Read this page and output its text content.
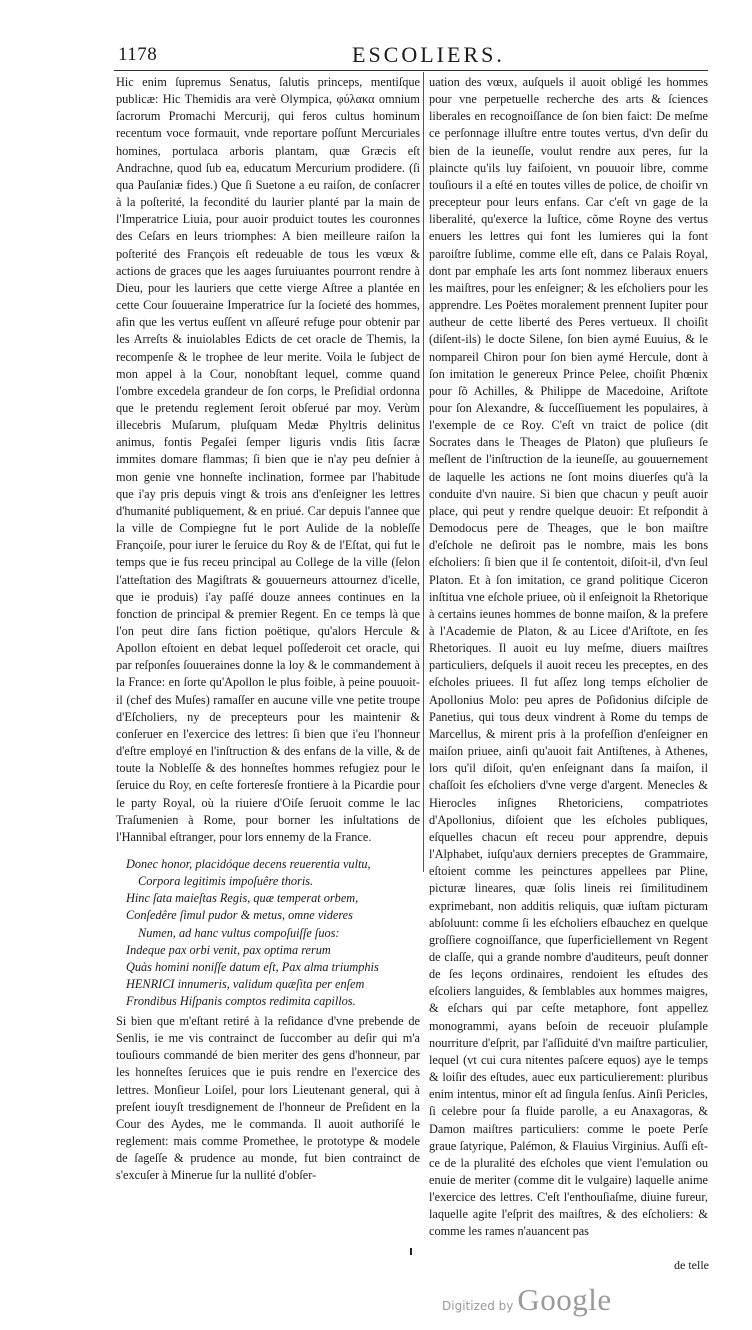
1178	ESCOLIERS.

Hic enim ſupremus Senatus, ſalutis princeps, mentiſque publicæ: Hic Themidis ara verè Olympica, φύλακα omnium ſacrorum Promachi Mercurij, qui feros cultus hominum recentum voce formauit, vnde reportare poſſunt Mercuriales homines, portulaca arboris plantam, quæ Græcis eſt Andrachne, quod ſub ea, educatum Mercurium prodidere. (ſi qua Pauſaniæ fides.) Que ſi Suetone a eu raiſon, de conſacrer à la poſterité, la fecondité du laurier planté par la main de l'Imperatrice Liuia, pour auoir produict toutes les couronnes des Ceſars en leurs triomphes: A bien meilleure raiſon la poſterité des François eſt redeuable de tous les vœux & actions de graces que les aages ſuruiuantes pourront rendre à Dieu, pour les lauriers que cette vierge Aſtree a plantée en cette Cour ſouueraine Imperatrice ſur la ſocieté des hommes, afin que les vertus euſſent vn aſſeuré refuge pour obtenir par les Arreſts & inuiolables Edicts de cet oracle de Themis, la recompenſe & le trophee de leur merite. Voila le ſubject de mon appel à la Cour, nonobſtant lequel, comme quand l'ombre excedela grandeur de ſon corps, le Preſidial ordonna que le pretendu reglement ſeroit obſerué par moy. Verùm illecebris Muſarum, pluſquam Medæ Phyltris delinitus animus, fontis Pegaſei ſemper liguris vndis ſitis ſacræ immites domare flammas; ſi bien que ie n'ay peu deſnier à mon genie vne honneſte inclination, formee par l'habitude que i'ay pris depuis vingt & trois ans d'enſeigner les lettres d'humanité publiquement, & en priué. Car depuis l'annee que la ville de Compiegne fut le port Aulide de la nobleſſe Françoiſe, pour iurer le ſeruice du Roy & de l'Eſtat, qui fut le temps que ie fus receu principal au College de la ville (ſelon l'atteſtation des Magiſtrats & gouuerneurs attournez d'icelle, que ie produis) i'ay paſſé douze annees continues en la fonction de principal & premier Regent. En ce temps là que l'on peut dire ſans fiction poëtique, qu'alors Hercule & Apollon eſtoient en debat lequel poſſederoit cet oracle, qui par reſponſes ſouueraines donne la loy & le commandement à la France: en ſorte qu'Apollon le plus foible, à peine pouuoit-il (chef des Muſes) ramaſſer en aucune ville vne petite troupe d'Eſcholiers, ny de precepteurs pour les maintenir & conſeruer en l'exercice des lettres: ſi bien que i'eu l'honneur d'eſtre employé en l'inſtruction & des enfans de la ville, & de toute la Nobleſſe & des honneſtes hommes refugiez pour le ſeruice du Roy, en ceſte forteresſe frontiere à la Picardie pour le party Royal, où la riuiere d'Oiſe ſeruoit comme le lac Traſumenien à Rome, pour borner les inſultations de l'Hannibal eſtranger, pour lors ennemy de la France.

Donec honor, placidóque decens reuerentia vultu,
Corpora legitimis impoſuêre thoris.
Hinc ſata maieſtas Regis, quæ temperat orbem,
Conſedêre ſimul pudor & metus, omne videres
Numen, ad hanc vultus compoſuiſſe ſuos:
Indeque pax orbi venit, pax optima rerum
Quàs homini noniſſe datum eſt, Pax alma triumphis
HENRICI innumeris, validum quæſita per enſem
Frondibus Hiſpanis comptos redimita capillos.

Si bien que m'eſtant retiré à la reſidance d'vne prebende de Senlis, ie me vis contrainct de ſuccomber au deſir qui m'a touſiours commandé de bien meriter des gens d'honneur, par les honneſtes ſeruices que ie puis rendre en l'exercice des lettres. Monſieur Loiſel, pour lors Lieutenant general, qui à preſent iouyſt tresdignement de l'honneur de Preſident en la Cour des Aydes, me le commanda. Il auoit authoriſé le reglement: mais comme Promethee, le prototype & modele de ſageſſe & prudence au monde, fut bien contrainct de s'excuſer à Minerue ſur la nullité d'obſer-

uation des vœux, auſquels il auoit obligé les hommes pour vne perpetuelle recherche des arts & ſciences liberales en recognoiſſance de ſon bien faict: De meſme ce perſonnage illuſtre entre toutes vertus, d'vn deſir du bien de la ieuneſſe, voulut rendre aux peres, ſur la plaincte qu'ils luy faiſoient, vn pouuoir libre, comme touſiours il a eſté en toutes villes de police, de choiſir vn precepteur pour leurs enfans. Car c'eſt vn gage de la liberalité, qu'exerce la Iuſtice, cõme Royne des vertus enuers les lettres qui font les lumieres qui la font paroiſtre ſublime, comme elle eſt, dans ce Palais Royal, dont par emphaſe les arts ſont nommez liberaux enuers les maiſtres, pour les enſeigner; & les eſcholiers pour les apprendre. Les Poëtes moralement prennent Iupiter pour autheur de cette liberté des Peres vertueux. Il choiſit (diſent-ils) le docte Silene, ſon bien aymé Euuius, & le nompareil Chiron pour ſon bien aymé Hercule, dont à ſon imitation le genereux Prince Pelee, choiſit Phœnix pour ſõ Achilles, & Philippe de Macedoine, Ariſtote pour ſon Alexandre, & ſucceſſiuement les populaires, à l'exemple de ce Roy. C'eſt vn traict de police (dit Socrates dans le Theages de Platon) que pluſieurs ſe meſlent de l'inſtruction de la ieuneſſe, au gouuernement de laquelle les actions ne ſont moins diuerſes qu'à la conduite d'vn nauire. Si bien que chacun y peuſt auoir place, qui peut y rendre quelque deuoir: Et reſpondit à Demodocus pere de Theages, que le bon maiſtre d'eſchole ne deſiroit pas le nombre, mais les bons eſcholiers: ſi bien que il ſe contentoit, diſoit-il, d'vn ſeul Platon. Et à ſon imitation, ce grand politique Ciceron inſtitua vne eſchole priuee, où il enſeignoit la Rhetorique à certains ieunes hommes de bonne maiſon, & la prefere à l'Academie de Platon, & au Licee d'Ariſtote, en ſes Rhetoriques. Il auoit eu luy meſme, diuers maiſtres particuliers, deſquels il auoit receu les preceptes, en des eſcholes priuees. Il fut aſſez long temps eſcholier de Apollonius Molo: peu apres de Poſidonius diſciple de Panetius, qui tous deux vindrent à Rome du temps de Marcellus, & mirent pris à la profeſſion d'enſeigner en maiſon priuee, ainſi qu'auoit fait Antiſtenes, à Athenes, lors qu'il diſoit, qu'en enſeignant dans ſa maiſon, il chaſſoit ſes eſcholiers d'vne verge d'argent. Menecles & Hierocles inſignes Rhetoriciens, compatriotes d'Apollonius, diſoient que les eſcholes publiques, eſquelles chacun eſt receu pour apprendre, depuis l'Alphabet, iuſqu'aux derniers preceptes de Grammaire, eſtoient comme les peinctures appellees par Pline, picturæ lineares, quæ ſolis lineis rei ſimilitudinem exprimebant, non additis reliquis, quæ iuſtam picturam abſoluunt: comme ſi les eſcholiers eſbauchez en quelque groſſiere cognoiſſance, que ſuperficiellement vn Regent de claſſe, qui a grande nombre d'auditeurs, peuſt donner de ſes leçons ordinaires, rendoient les eſtudes des eſcoliers languides, & ſemblables aux hommes maigres, & eſchars qui par ceſte metaphore, font appellez monogrammi, ayans beſoin de receuoir pluſample nourriture d'eſprit, par l'aſſiduité d'vn maiſtre particulier, lequel (vt cui cura nitentes paſcere equos) aye le temps & loiſir des eſtudes, auec eux particulierement: pluribus enim intentus, minor eſt ad ſingula ſenſus. Ainſi Pericles, ſi celebre pour ſa fluide parolle, a eu Anaxagoras, & Damon maiſtres particuliers: comme le poete Perſe graue ſatyrique, Palémon, & Flauius Virginius. Auſſi eſt-ce de la pluralité des eſcholes que vient l'emulation ou enuie de meriter (comme dit le vulgaire) laquelle anime l'exercice des lettres. C'eſt l'enthouſiaſme, diuine fureur, laquelle agite l'eſprit des maiſtres, & des eſcholiers: & comme les rames n'auancent pas

de telle
Digitized by Google
